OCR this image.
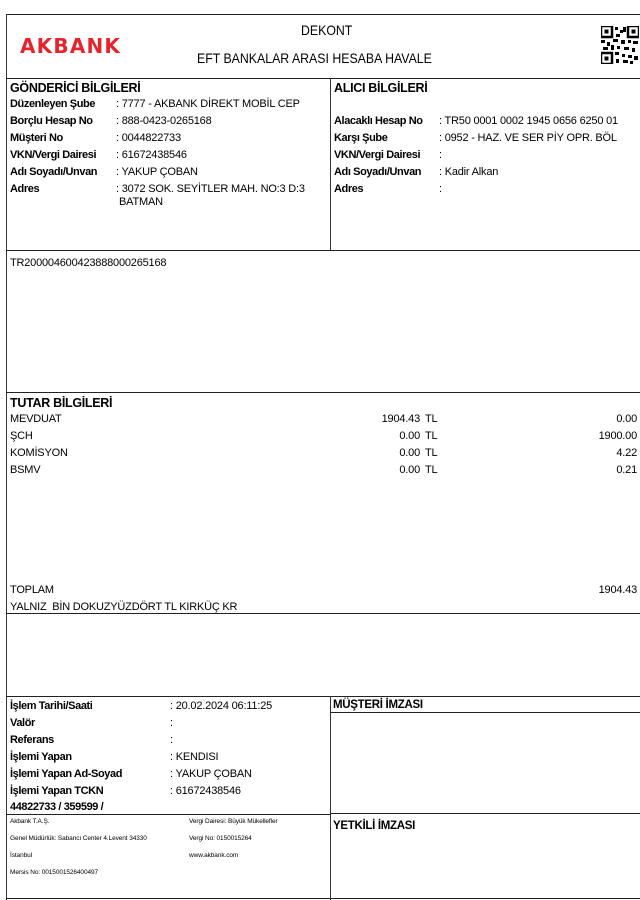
AKBANK
DEKONT
EFT BANKALAR ARASI HESABA HAVALE
GÖNDERİCİ BİLGİLERİ
Düzenleyen Şube : 7777 - AKBANK DİREKT MOBİL CEP
Borçlu Hesap No : 888-0423-0265168
Müşteri No	: 0044822733
VKN/Vergi Dairesi : 61672438546
Adı Soyadı/Unvan : YAKUP ÇOBAN
Adres	: 3072 SOK. SEYİTLER MAH. NO:3 D:3
BATMAN
ALICI BİLGİLERİ
Alacaklı Hesap No : TR50 0001 0002 1945 0656 6250 01
Karşı Şube	: 0952 - HAZ. VE SER PİY OPR. BÖL
VKN/Vergi Dairesi :
Adı Soyadı/Unvan : Kadir Alkan
Adres	:
TR200004600423888000265168
TUTAR BİLGİLERİ
MEVDUAT	1904.43 TL	0.00
ŞCH	0.00 TL	1900.00
KOMİSYON	0.00 TL	4.22
BSMV	0.00 TL	0.21
TOPLAM	1904.43
YALNIZ  BİN DOKUZYÜZDÖRT TL KIRKÜÇ KR
İşlem Tarihi/Saati	: 20.02.2024 06:11:25
Valör	:
Referans	:
İşlemi Yapan	: KENDISI
İşlemi Yapan Ad-Soyad	: YAKUP ÇOBAN
İşlemi Yapan TCKN	: 61672438546
44822733 / 359599 /
MÜŞTERİ İMZASI
YETKİLİ İMZASI
Akbank T.A.Ş.
Genel Müdürlük: Sabancı Center 4.Levent 34330
İstanbul
Mersis No: 0015001526400497
Vergi Dairesi: Büyük Mükellefler
Vergi No: 0150015264
www.akbank.com
